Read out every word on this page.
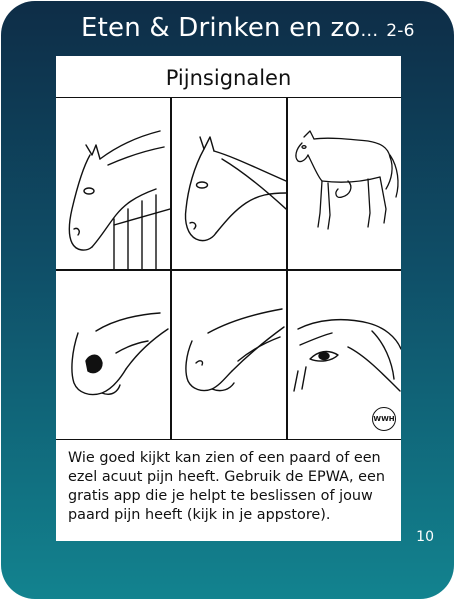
Eten & Drinken en zo... 2-6
Pijnsignalen
WWH
Wie goed kijkt kan zien of een paard of een ezel acuut pijn heeft. Gebruik de EPWA, een gratis app die je helpt te beslissen of jouw paard pijn heeft (kijk in je appstore).
10
